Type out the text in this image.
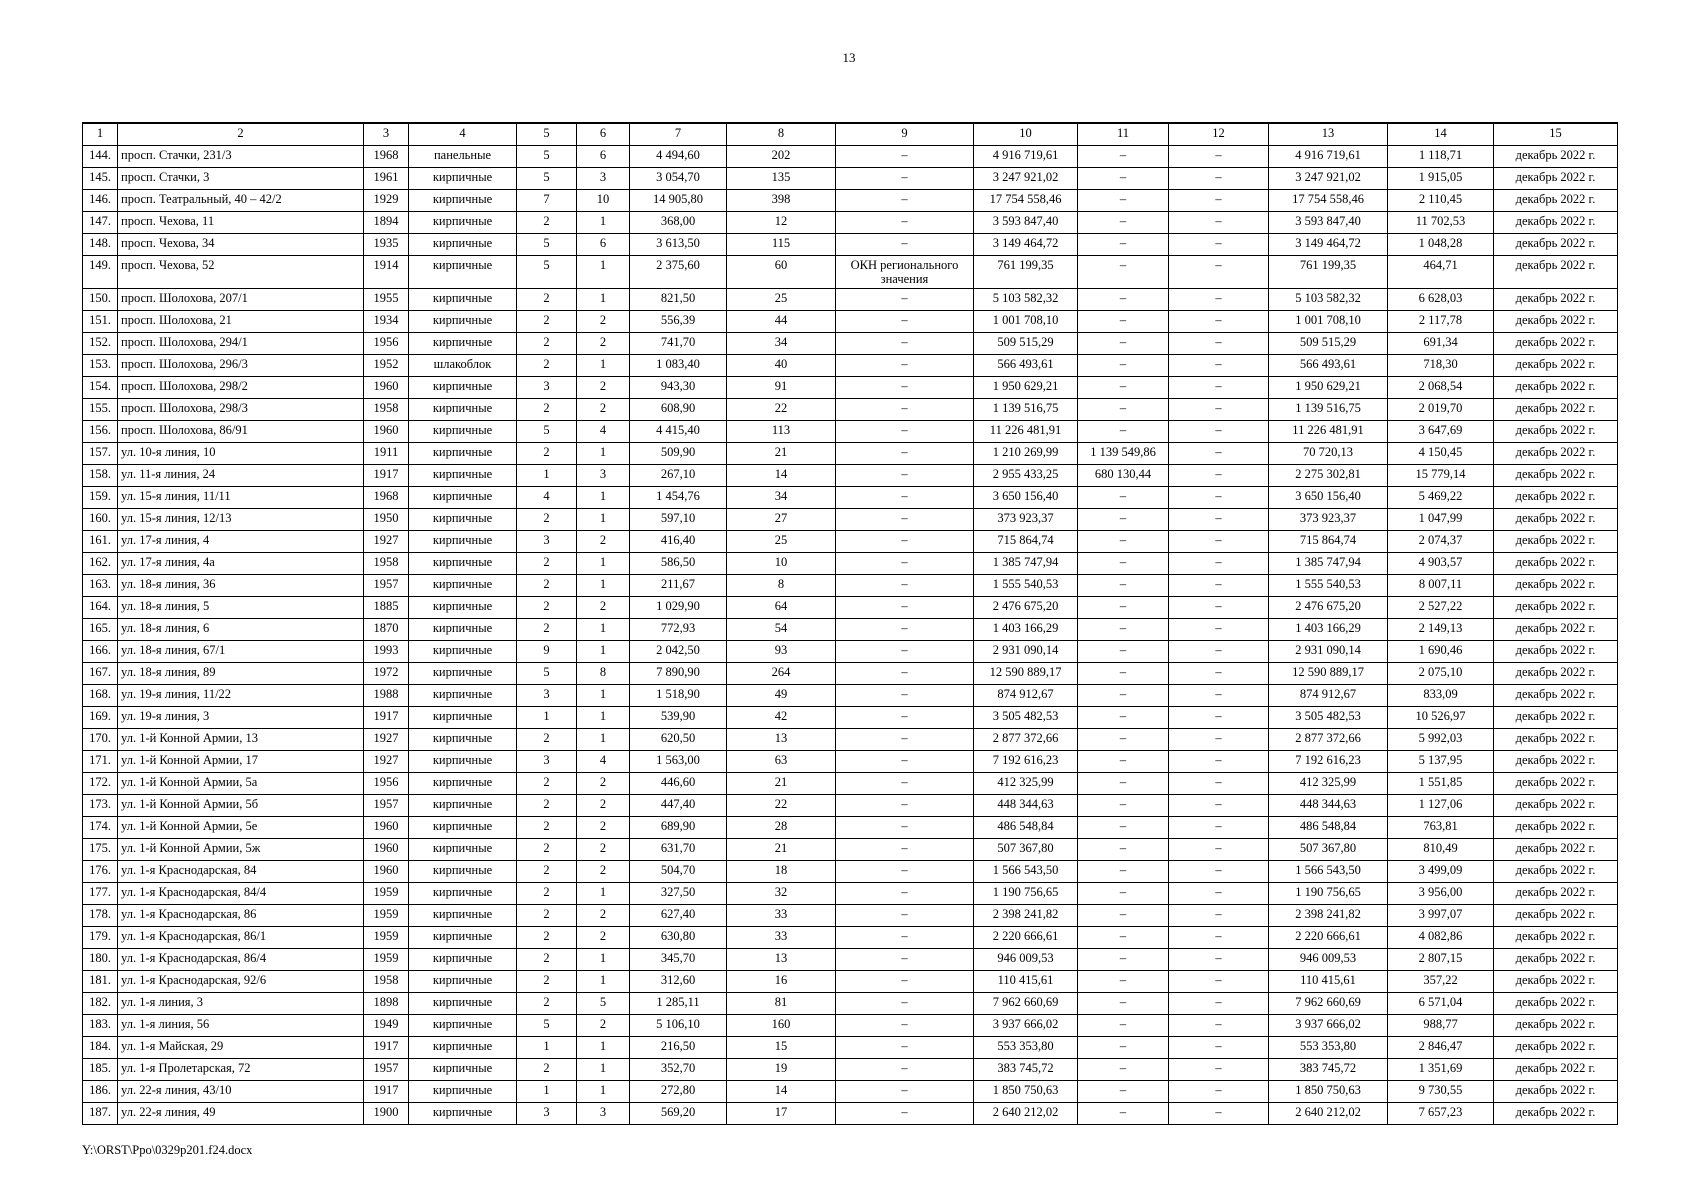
13
1	2	3	4	5	6	7	8	9	10	11	12	13	14	15
144.	просп. Стачки, 231/3	1968	панельные	5	6	4 494,60	202	–	4 916 719,61	–	–	4 916 719,61	1 118,71	декабрь 2022 г.
145.	просп. Стачки, 3	1961	кирпичные	5	3	3 054,70	135	–	3 247 921,02	–	–	3 247 921,02	1 915,05	декабрь 2022 г.
146.	просп. Театральный, 40 – 42/2	1929	кирпичные	7	10	14 905,80	398	–	17 754 558,46	–	–	17 754 558,46	2 110,45	декабрь 2022 г.
147.	просп. Чехова, 11	1894	кирпичные	2	1	368,00	12	–	3 593 847,40	–	–	3 593 847,40	11 702,53	декабрь 2022 г.
148.	просп. Чехова, 34	1935	кирпичные	5	6	3 613,50	115	–	3 149 464,72	–	–	3 149 464,72	1 048,28	декабрь 2022 г.
149.	просп. Чехова, 52	1914	кирпичные	5	1	2 375,60	60	ОКН регионального значения	761 199,35	–	–	761 199,35	464,71	декабрь 2022 г.
150.	просп. Шолохова, 207/1	1955	кирпичные	2	1	821,50	25	–	5 103 582,32	–	–	5 103 582,32	6 628,03	декабрь 2022 г.
151.	просп. Шолохова, 21	1934	кирпичные	2	2	556,39	44	–	1 001 708,10	–	–	1 001 708,10	2 117,78	декабрь 2022 г.
152.	просп. Шолохова, 294/1	1956	кирпичные	2	2	741,70	34	–	509 515,29	–	–	509 515,29	691,34	декабрь 2022 г.
153.	просп. Шолохова, 296/3	1952	шлакоблок	2	1	1 083,40	40	–	566 493,61	–	–	566 493,61	718,30	декабрь 2022 г.
154.	просп. Шолохова, 298/2	1960	кирпичные	3	2	943,30	91	–	1 950 629,21	–	–	1 950 629,21	2 068,54	декабрь 2022 г.
155.	просп. Шолохова, 298/3	1958	кирпичные	2	2	608,90	22	–	1 139 516,75	–	–	1 139 516,75	2 019,70	декабрь 2022 г.
156.	просп. Шолохова, 86/91	1960	кирпичные	5	4	4 415,40	113	–	11 226 481,91	–	–	11 226 481,91	3 647,69	декабрь 2022 г.
157.	ул. 10-я линия, 10	1911	кирпичные	2	1	509,90	21	–	1 210 269,99	1 139 549,86	–	70 720,13	4 150,45	декабрь 2022 г.
158.	ул. 11-я линия, 24	1917	кирпичные	1	3	267,10	14	–	2 955 433,25	680 130,44	–	2 275 302,81	15 779,14	декабрь 2022 г.
159.	ул. 15-я линия, 11/11	1968	кирпичные	4	1	1 454,76	34	–	3 650 156,40	–	–	3 650 156,40	5 469,22	декабрь 2022 г.
160.	ул. 15-я линия, 12/13	1950	кирпичные	2	1	597,10	27	–	373 923,37	–	–	373 923,37	1 047,99	декабрь 2022 г.
161.	ул. 17-я линия, 4	1927	кирпичные	3	2	416,40	25	–	715 864,74	–	–	715 864,74	2 074,37	декабрь 2022 г.
162.	ул. 17-я линия, 4а	1958	кирпичные	2	1	586,50	10	–	1 385 747,94	–	–	1 385 747,94	4 903,57	декабрь 2022 г.
163.	ул. 18-я линия, 36	1957	кирпичные	2	1	211,67	8	–	1 555 540,53	–	–	1 555 540,53	8 007,11	декабрь 2022 г.
164.	ул. 18-я линия, 5	1885	кирпичные	2	2	1 029,90	64	–	2 476 675,20	–	–	2 476 675,20	2 527,22	декабрь 2022 г.
165.	ул. 18-я линия, 6	1870	кирпичные	2	1	772,93	54	–	1 403 166,29	–	–	1 403 166,29	2 149,13	декабрь 2022 г.
166.	ул. 18-я линия, 67/1	1993	кирпичные	9	1	2 042,50	93	–	2 931 090,14	–	–	2 931 090,14	1 690,46	декабрь 2022 г.
167.	ул. 18-я линия, 89	1972	кирпичные	5	8	7 890,90	264	–	12 590 889,17	–	–	12 590 889,17	2 075,10	декабрь 2022 г.
168.	ул. 19-я линия, 11/22	1988	кирпичные	3	1	1 518,90	49	–	874 912,67	–	–	874 912,67	833,09	декабрь 2022 г.
169.	ул. 19-я линия, 3	1917	кирпичные	1	1	539,90	42	–	3 505 482,53	–	–	3 505 482,53	10 526,97	декабрь 2022 г.
170.	ул. 1-й Конной Армии, 13	1927	кирпичные	2	1	620,50	13	–	2 877 372,66	–	–	2 877 372,66	5 992,03	декабрь 2022 г.
171.	ул. 1-й Конной Армии, 17	1927	кирпичные	3	4	1 563,00	63	–	7 192 616,23	–	–	7 192 616,23	5 137,95	декабрь 2022 г.
172.	ул. 1-й Конной Армии, 5а	1956	кирпичные	2	2	446,60	21	–	412 325,99	–	–	412 325,99	1 551,85	декабрь 2022 г.
173.	ул. 1-й Конной Армии, 5б	1957	кирпичные	2	2	447,40	22	–	448 344,63	–	–	448 344,63	1 127,06	декабрь 2022 г.
174.	ул. 1-й Конной Армии, 5е	1960	кирпичные	2	2	689,90	28	–	486 548,84	–	–	486 548,84	763,81	декабрь 2022 г.
175.	ул. 1-й Конной Армии, 5ж	1960	кирпичные	2	2	631,70	21	–	507 367,80	–	–	507 367,80	810,49	декабрь 2022 г.
176.	ул. 1-я Краснодарская, 84	1960	кирпичные	2	2	504,70	18	–	1 566 543,50	–	–	1 566 543,50	3 499,09	декабрь 2022 г.
177.	ул. 1-я Краснодарская, 84/4	1959	кирпичные	2	1	327,50	32	–	1 190 756,65	–	–	1 190 756,65	3 956,00	декабрь 2022 г.
178.	ул. 1-я Краснодарская, 86	1959	кирпичные	2	2	627,40	33	–	2 398 241,82	–	–	2 398 241,82	3 997,07	декабрь 2022 г.
179.	ул. 1-я Краснодарская, 86/1	1959	кирпичные	2	2	630,80	33	–	2 220 666,61	–	–	2 220 666,61	4 082,86	декабрь 2022 г.
180.	ул. 1-я Краснодарская, 86/4	1959	кирпичные	2	1	345,70	13	–	946 009,53	–	–	946 009,53	2 807,15	декабрь 2022 г.
181.	ул. 1-я Краснодарская, 92/6	1958	кирпичные	2	1	312,60	16	–	110 415,61	–	–	110 415,61	357,22	декабрь 2022 г.
182.	ул. 1-я линия, 3	1898	кирпичные	2	5	1 285,11	81	–	7 962 660,69	–	–	7 962 660,69	6 571,04	декабрь 2022 г.
183.	ул. 1-я линия, 56	1949	кирпичные	5	2	5 106,10	160	–	3 937 666,02	–	–	3 937 666,02	988,77	декабрь 2022 г.
184.	ул. 1-я Майская, 29	1917	кирпичные	1	1	216,50	15	–	553 353,80	–	–	553 353,80	2 846,47	декабрь 2022 г.
185.	ул. 1-я Пролетарская, 72	1957	кирпичные	2	1	352,70	19	–	383 745,72	–	–	383 745,72	1 351,69	декабрь 2022 г.
186.	ул. 22-я линия, 43/10	1917	кирпичные	1	1	272,80	14	–	1 850 750,63	–	–	1 850 750,63	9 730,55	декабрь 2022 г.
187.	ул. 22-я линия, 49	1900	кирпичные	3	3	569,20	17	–	2 640 212,02	–	–	2 640 212,02	7 657,23	декабрь 2022 г.
Y:\ORST\Ppo\0329p201.f24.docx
